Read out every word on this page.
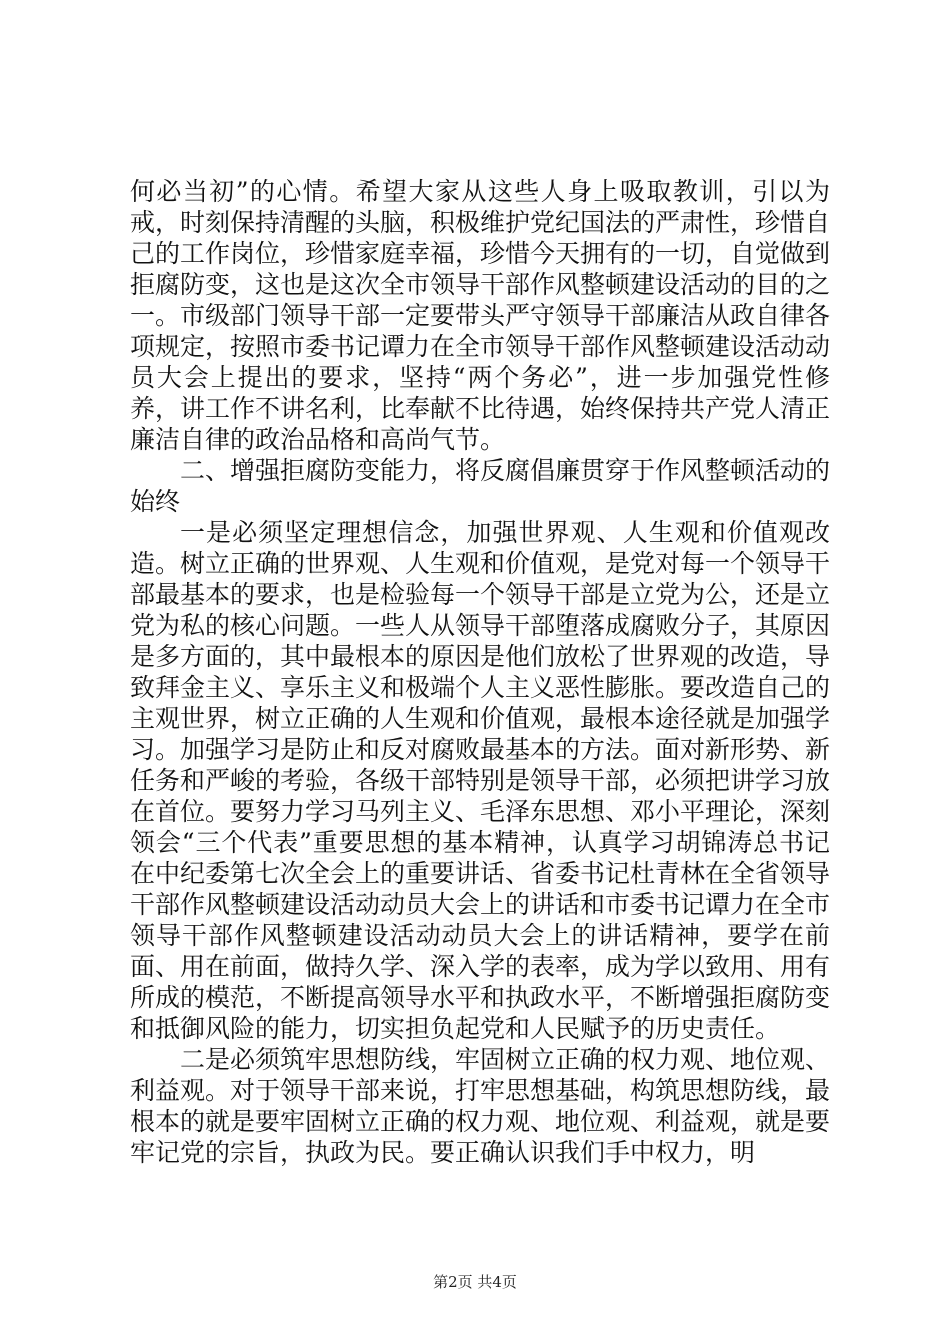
何必当初”的心情。希望大家从这些人身上吸取教训，引以为戒，时刻保持清醒的头脑，积极维护党纪国法的严肃性，珍惜自己的工作岗位，珍惜家庭幸福，珍惜今天拥有的一切，自觉做到拒腐防变，这也是这次全市领导干部作风整顿建设活动的目的之一。市级部门领导干部一定要带头严守领导干部廉洁从政自律各项规定，按照市委书记谭力在全市领导干部作风整顿建设活动动员大会上提出的要求，坚持“两个务必”，进一步加强党性修养，讲工作不讲名利，比奉献不比待遇，始终保持共产党人清正廉洁自律的政治品格和高尚气节。

二、增强拒腐防变能力，将反腐倡廉贯穿于作风整顿活动的始终

一是必须坚定理想信念，加强世界观、人生观和价值观改造。树立正确的世界观、人生观和价值观，是党对每一个领导干部最基本的要求，也是检验每一个领导干部是立党为公，还是立党为私的核心问题。一些人从领导干部堕落成腐败分子，其原因是多方面的，其中最根本的原因是他们放松了世界观的改造，导致拜金主义、享乐主义和极端个人主义恶性膨胀。要改造自己的主观世界，树立正确的人生观和价值观，最根本途径就是加强学习。加强学习是防止和反对腐败最基本的方法。面对新形势、新任务和严峻的考验，各级干部特别是领导干部，必须把讲学习放在首位。要努力学习马列主义、毛泽东思想、邓小平理论，深刻领会“三个代表”重要思想的基本精神，认真学习胡锦涛总书记在中纪委第七次全会上的重要讲话、省委书记杜青林在全省领导干部作风整顿建设活动动员大会上的讲话和市委书记谭力在全市领导干部作风整顿建设活动动员大会上的讲话精神，要学在前面、用在前面，做持久学、深入学的表率，成为学以致用、用有所成的模范，不断提高领导水平和执政水平，不断增强拒腐防变和抵御风险的能力，切实担负起党和人民赋予的历史责任。

二是必须筑牢思想防线，牢固树立正确的权力观、地位观、利益观。对于领导干部来说，打牢思想基础，构筑思想防线，最根本的就是要牢固树立正确的权力观、地位观、利益观，就是要牢记党的宗旨，执政为民。要正确认识我们手中权力，明

第2页 共4页
